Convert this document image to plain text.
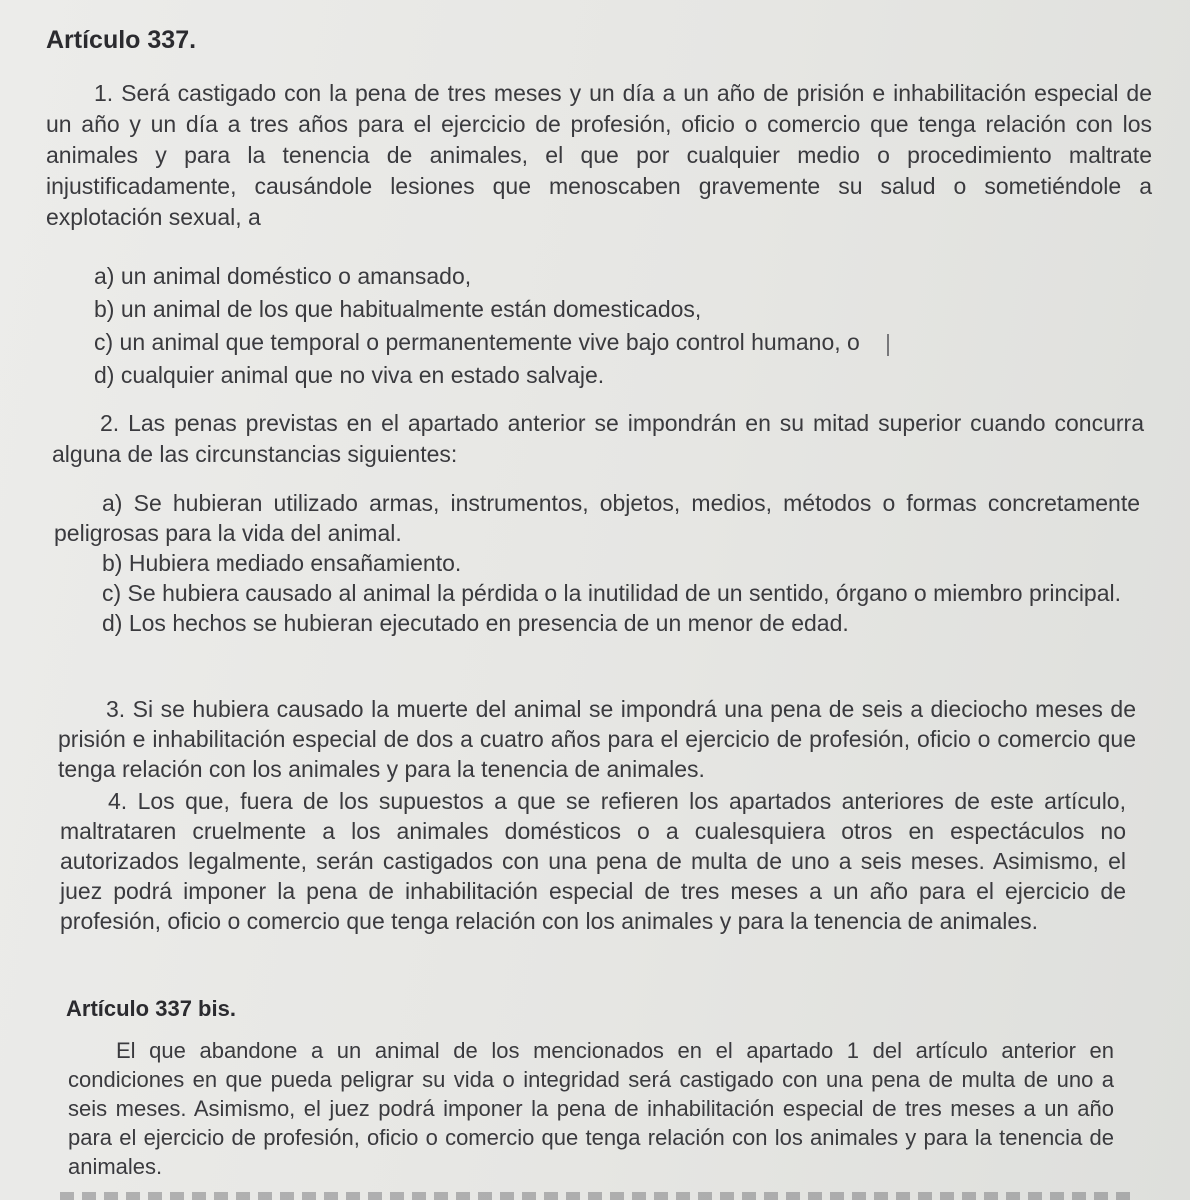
Artículo 337.

1. Será castigado con la pena de tres meses y un día a un año de prisión e inhabilitación especial de un año y un día a tres años para el ejercicio de profesión, oficio o comercio que tenga relación con los animales y para la tenencia de animales, el que por cualquier medio o procedimiento maltrate injustificadamente, causándole lesiones que menoscaben gravemente su salud o sometiéndole a explotación sexual, a

a) un animal doméstico o amansado,

b) un animal de los que habitualmente están domesticados,

c) un animal que temporal o permanentemente vive bajo control humano, o

d) cualquier animal que no viva en estado salvaje.

2. Las penas previstas en el apartado anterior se impondrán en su mitad superior cuando concurra alguna de las circunstancias siguientes:

a) Se hubieran utilizado armas, instrumentos, objetos, medios, métodos o formas concretamente peligrosas para la vida del animal.

b) Hubiera mediado ensañamiento.

c) Se hubiera causado al animal la pérdida o la inutilidad de un sentido, órgano o miembro principal.

d) Los hechos se hubieran ejecutado en presencia de un menor de edad.

3. Si se hubiera causado la muerte del animal se impondrá una pena de seis a dieciocho meses de prisión e inhabilitación especial de dos a cuatro años para el ejercicio de profesión, oficio o comercio que tenga relación con los animales y para la tenencia de animales.

4. Los que, fuera de los supuestos a que se refieren los apartados anteriores de este artículo, maltrataren cruelmente a los animales domésticos o a cualesquiera otros en espectáculos no autorizados legalmente, serán castigados con una pena de multa de uno a seis meses. Asimismo, el juez podrá imponer la pena de inhabilitación especial de tres meses a un año para el ejercicio de profesión, oficio o comercio que tenga relación con los animales y para la tenencia de animales.

Artículo 337 bis.

El que abandone a un animal de los mencionados en el apartado 1 del artículo anterior en condiciones en que pueda peligrar su vida o integridad será castigado con una pena de multa de uno a seis meses. Asimismo, el juez podrá imponer la pena de inhabilitación especial de tres meses a un año para el ejercicio de profesión, oficio o comercio que tenga relación con los animales y para la tenencia de animales.
